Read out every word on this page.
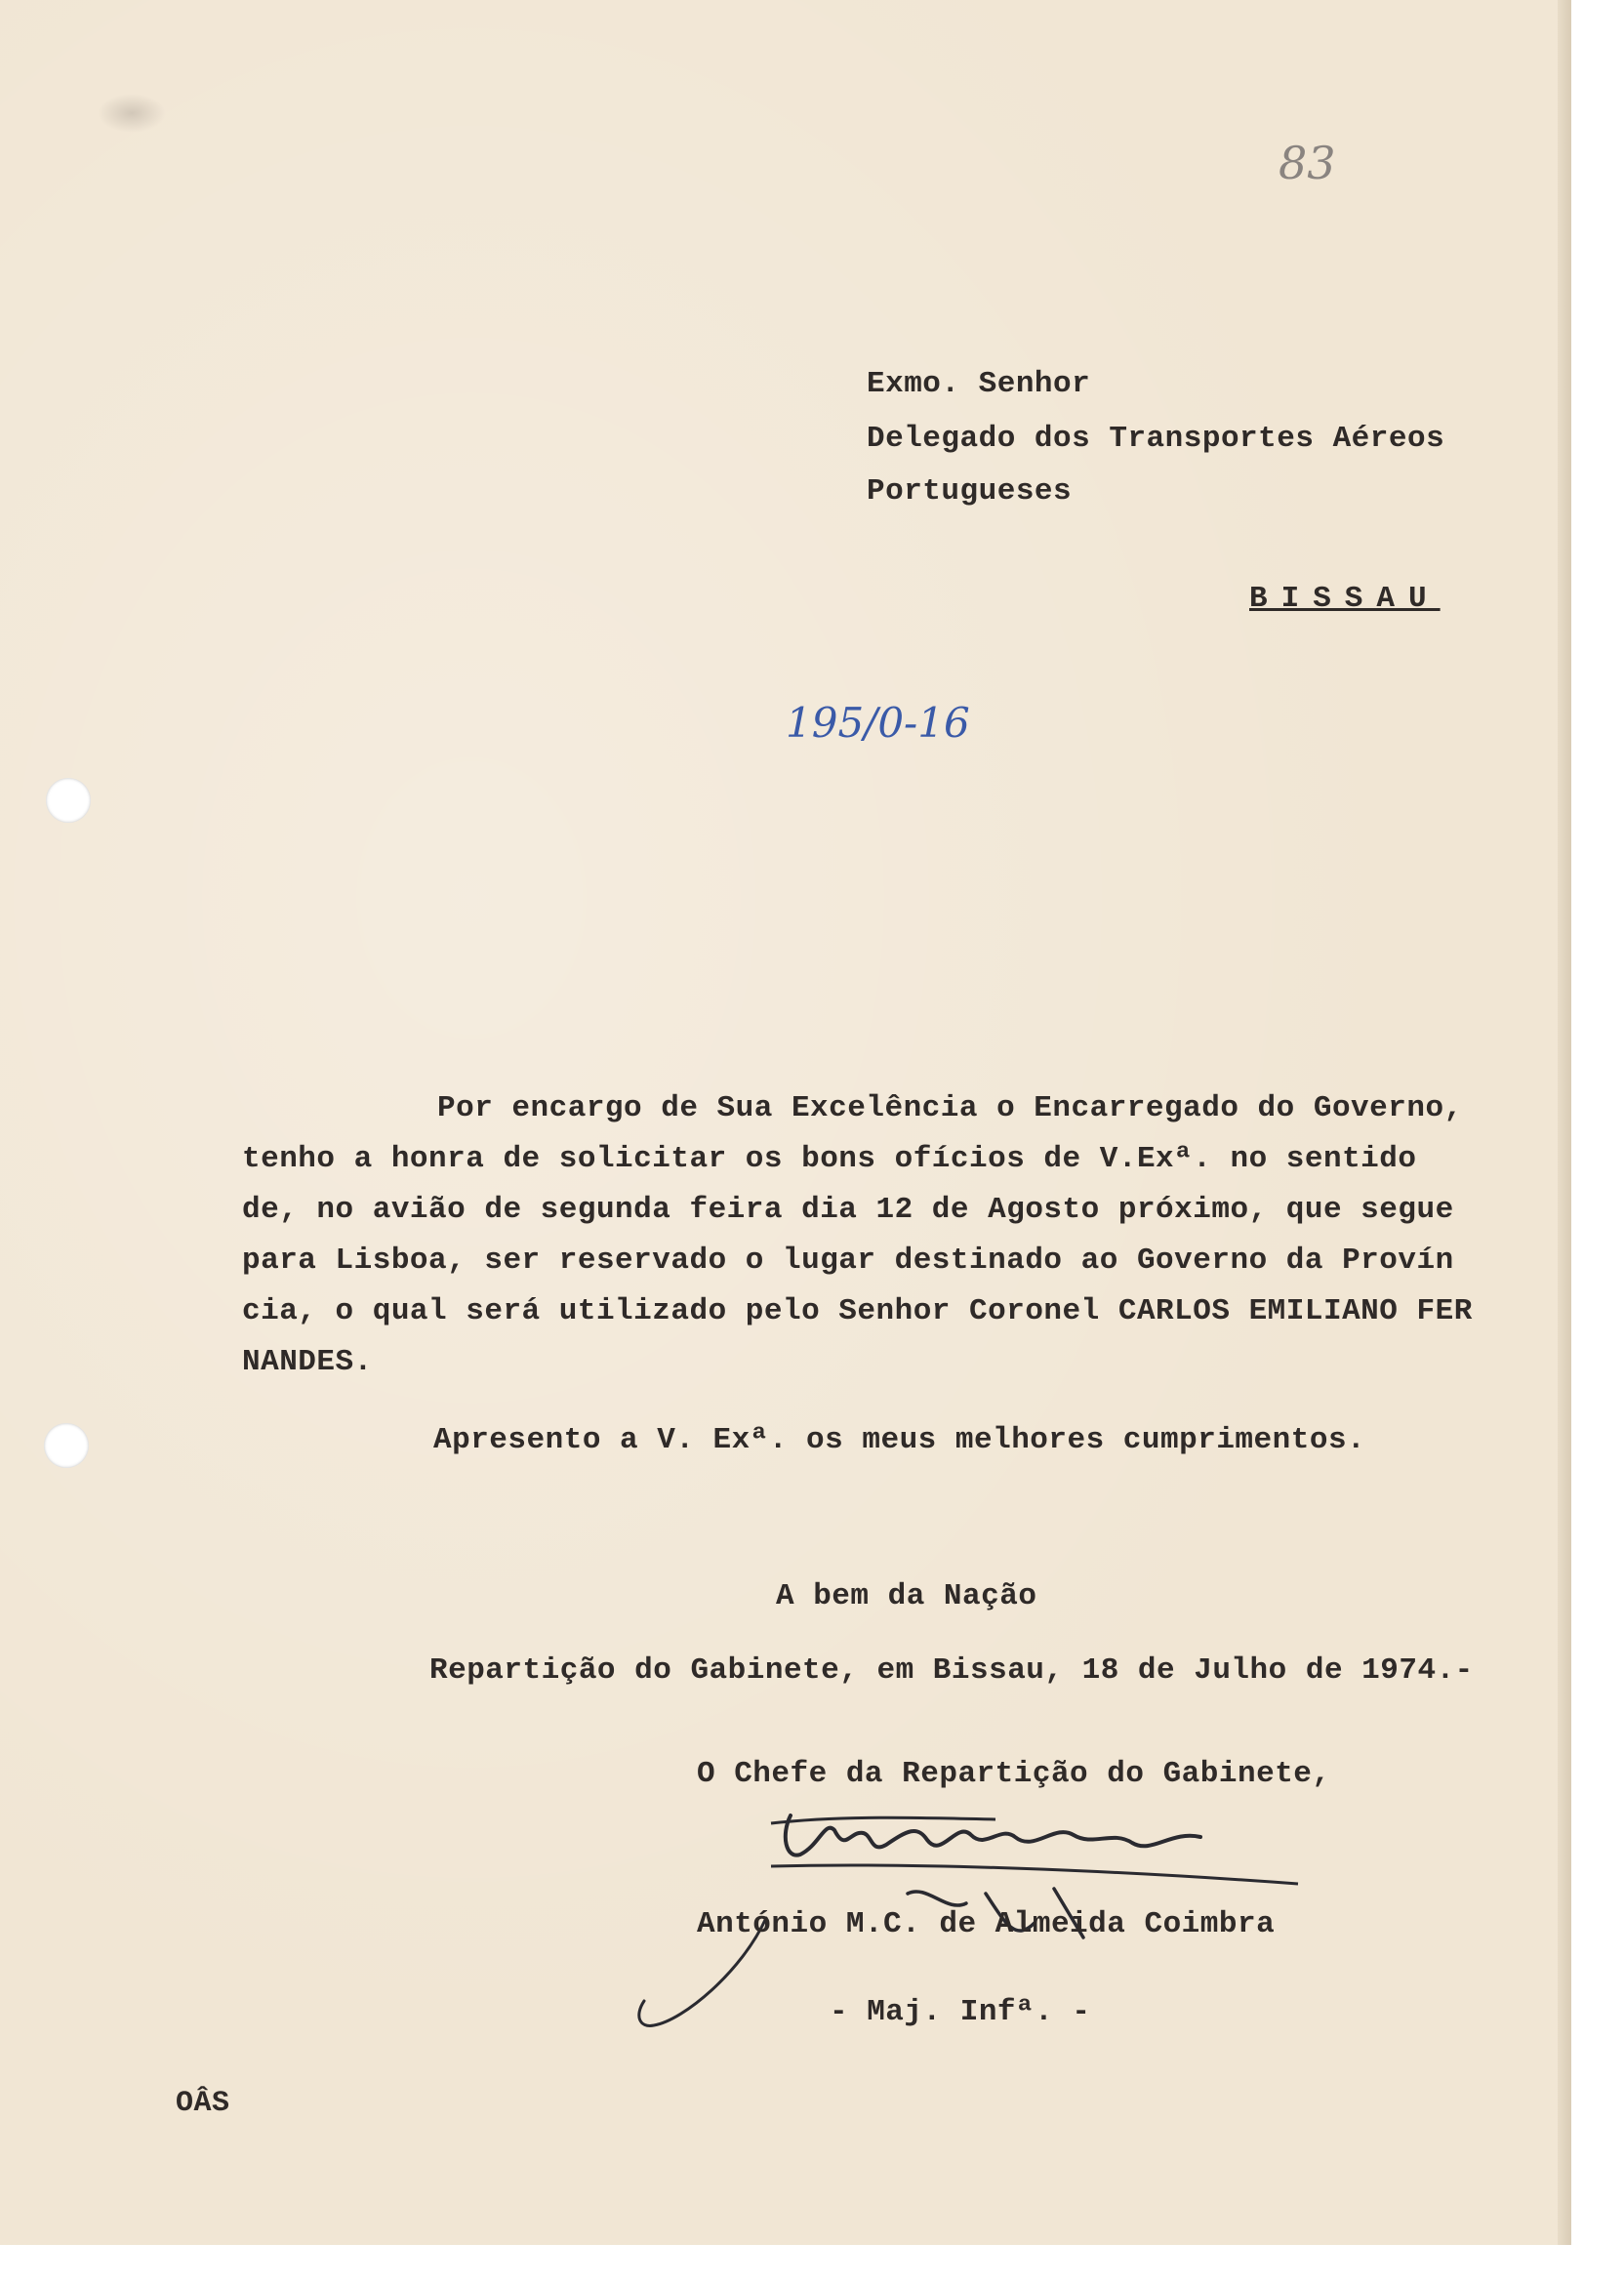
83
Exmo. Senhor
Delegado dos Transportes Aéreos
Portugueses
BISSAU
195/0-16
Por encargo de Sua Excelência o Encarregado do Governo,
tenho a honra de solicitar os bons ofícios de V.Exª. no sentido
de, no avião de segunda feira dia 12 de Agosto próximo, que segue
para Lisboa, ser reservado o lugar destinado ao Governo da Provín
cia, o qual será utilizado pelo Senhor Coronel CARLOS EMILIANO FER
NANDES.
Apresento a V. Exª. os meus melhores cumprimentos.
A bem da Nação
Repartição do Gabinete, em Bissau, 18 de Julho de 1974.-
O Chefe da Repartição do Gabinete,
António M.C. de Almeida Coimbra
- Maj. Infª. -
OÂS
